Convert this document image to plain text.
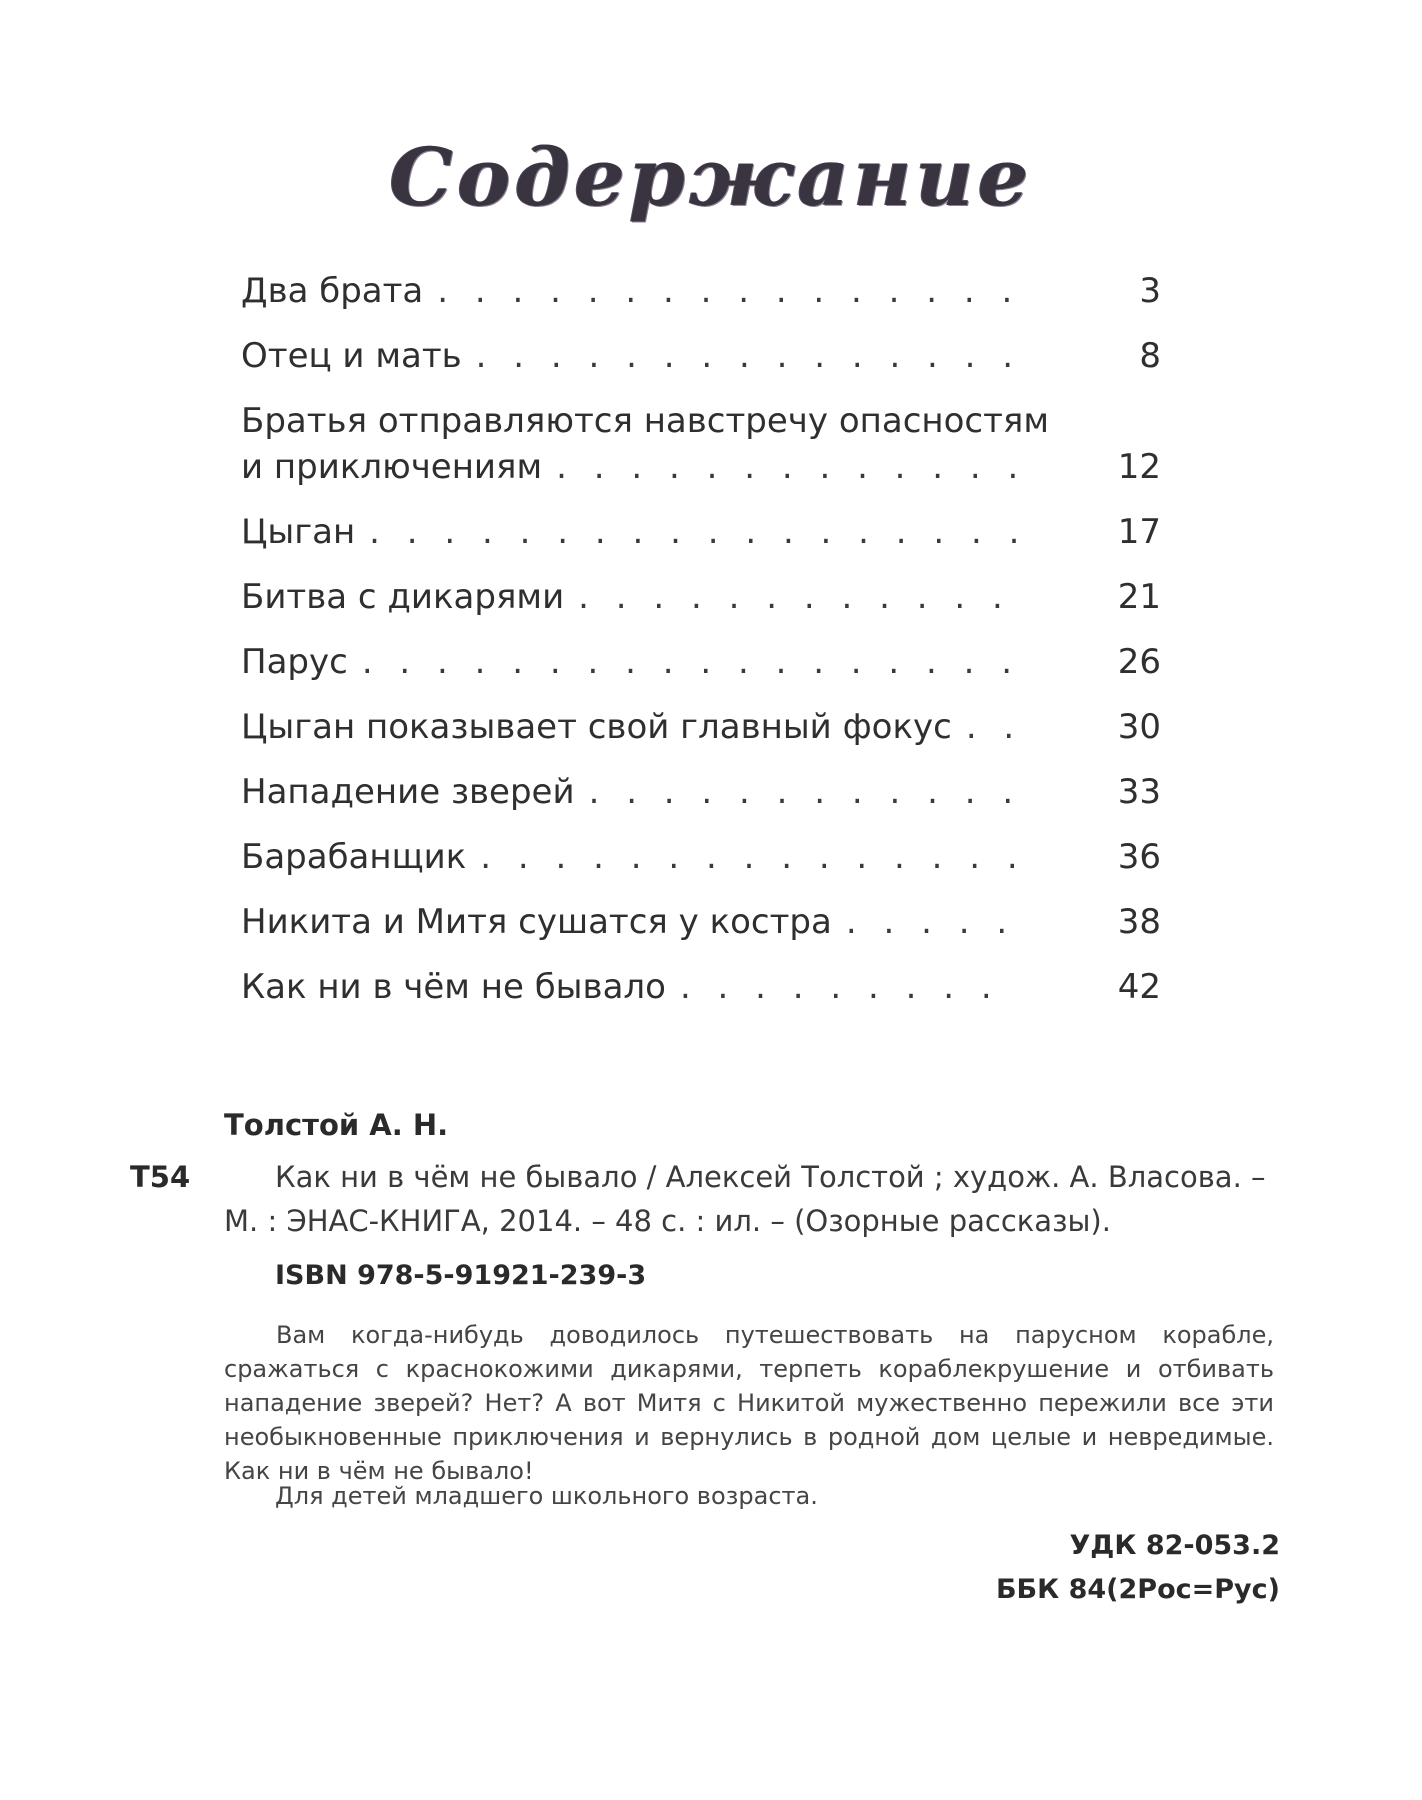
Содержание
Два брата . . .	3
Отец и мать . . .	8
Братья отправляются навстречу опасностям
и приключениям . . .	12
Цыган . . .	17
Битва с дикарями . . .	21
Парус . . .	26
Цыган показывает свой главный фокус . . .	30
Нападение зверей . . .	33
Барабанщик . . .	36
Никита и Митя сушатся у костра . . .	38
Как ни в чём не бывало . . .	42
Толстой А. Н.
Т54	Как ни в чём не бывало / Алексей Толстой ; худож. А. Власова. –
М. : ЭНАС-КНИГА, 2014. – 48 с. : ил. – (Озорные рассказы).
ISBN 978-5-91921-239-3

Вам когда-нибудь доводилось путешествовать на парусном корабле, сражаться с краснокожими дикарями, терпеть кораблекрушение и отбивать нападение зверей? Нет? А вот Митя с Никитой мужественно пережили все эти необыкновенные приключения и вернулись в родной дом целые и невредимые. Как ни в чём не бывало!

Для детей младшего школьного возраста.
УДК 82-053.2
ББК 84(2Рос=Рус)
